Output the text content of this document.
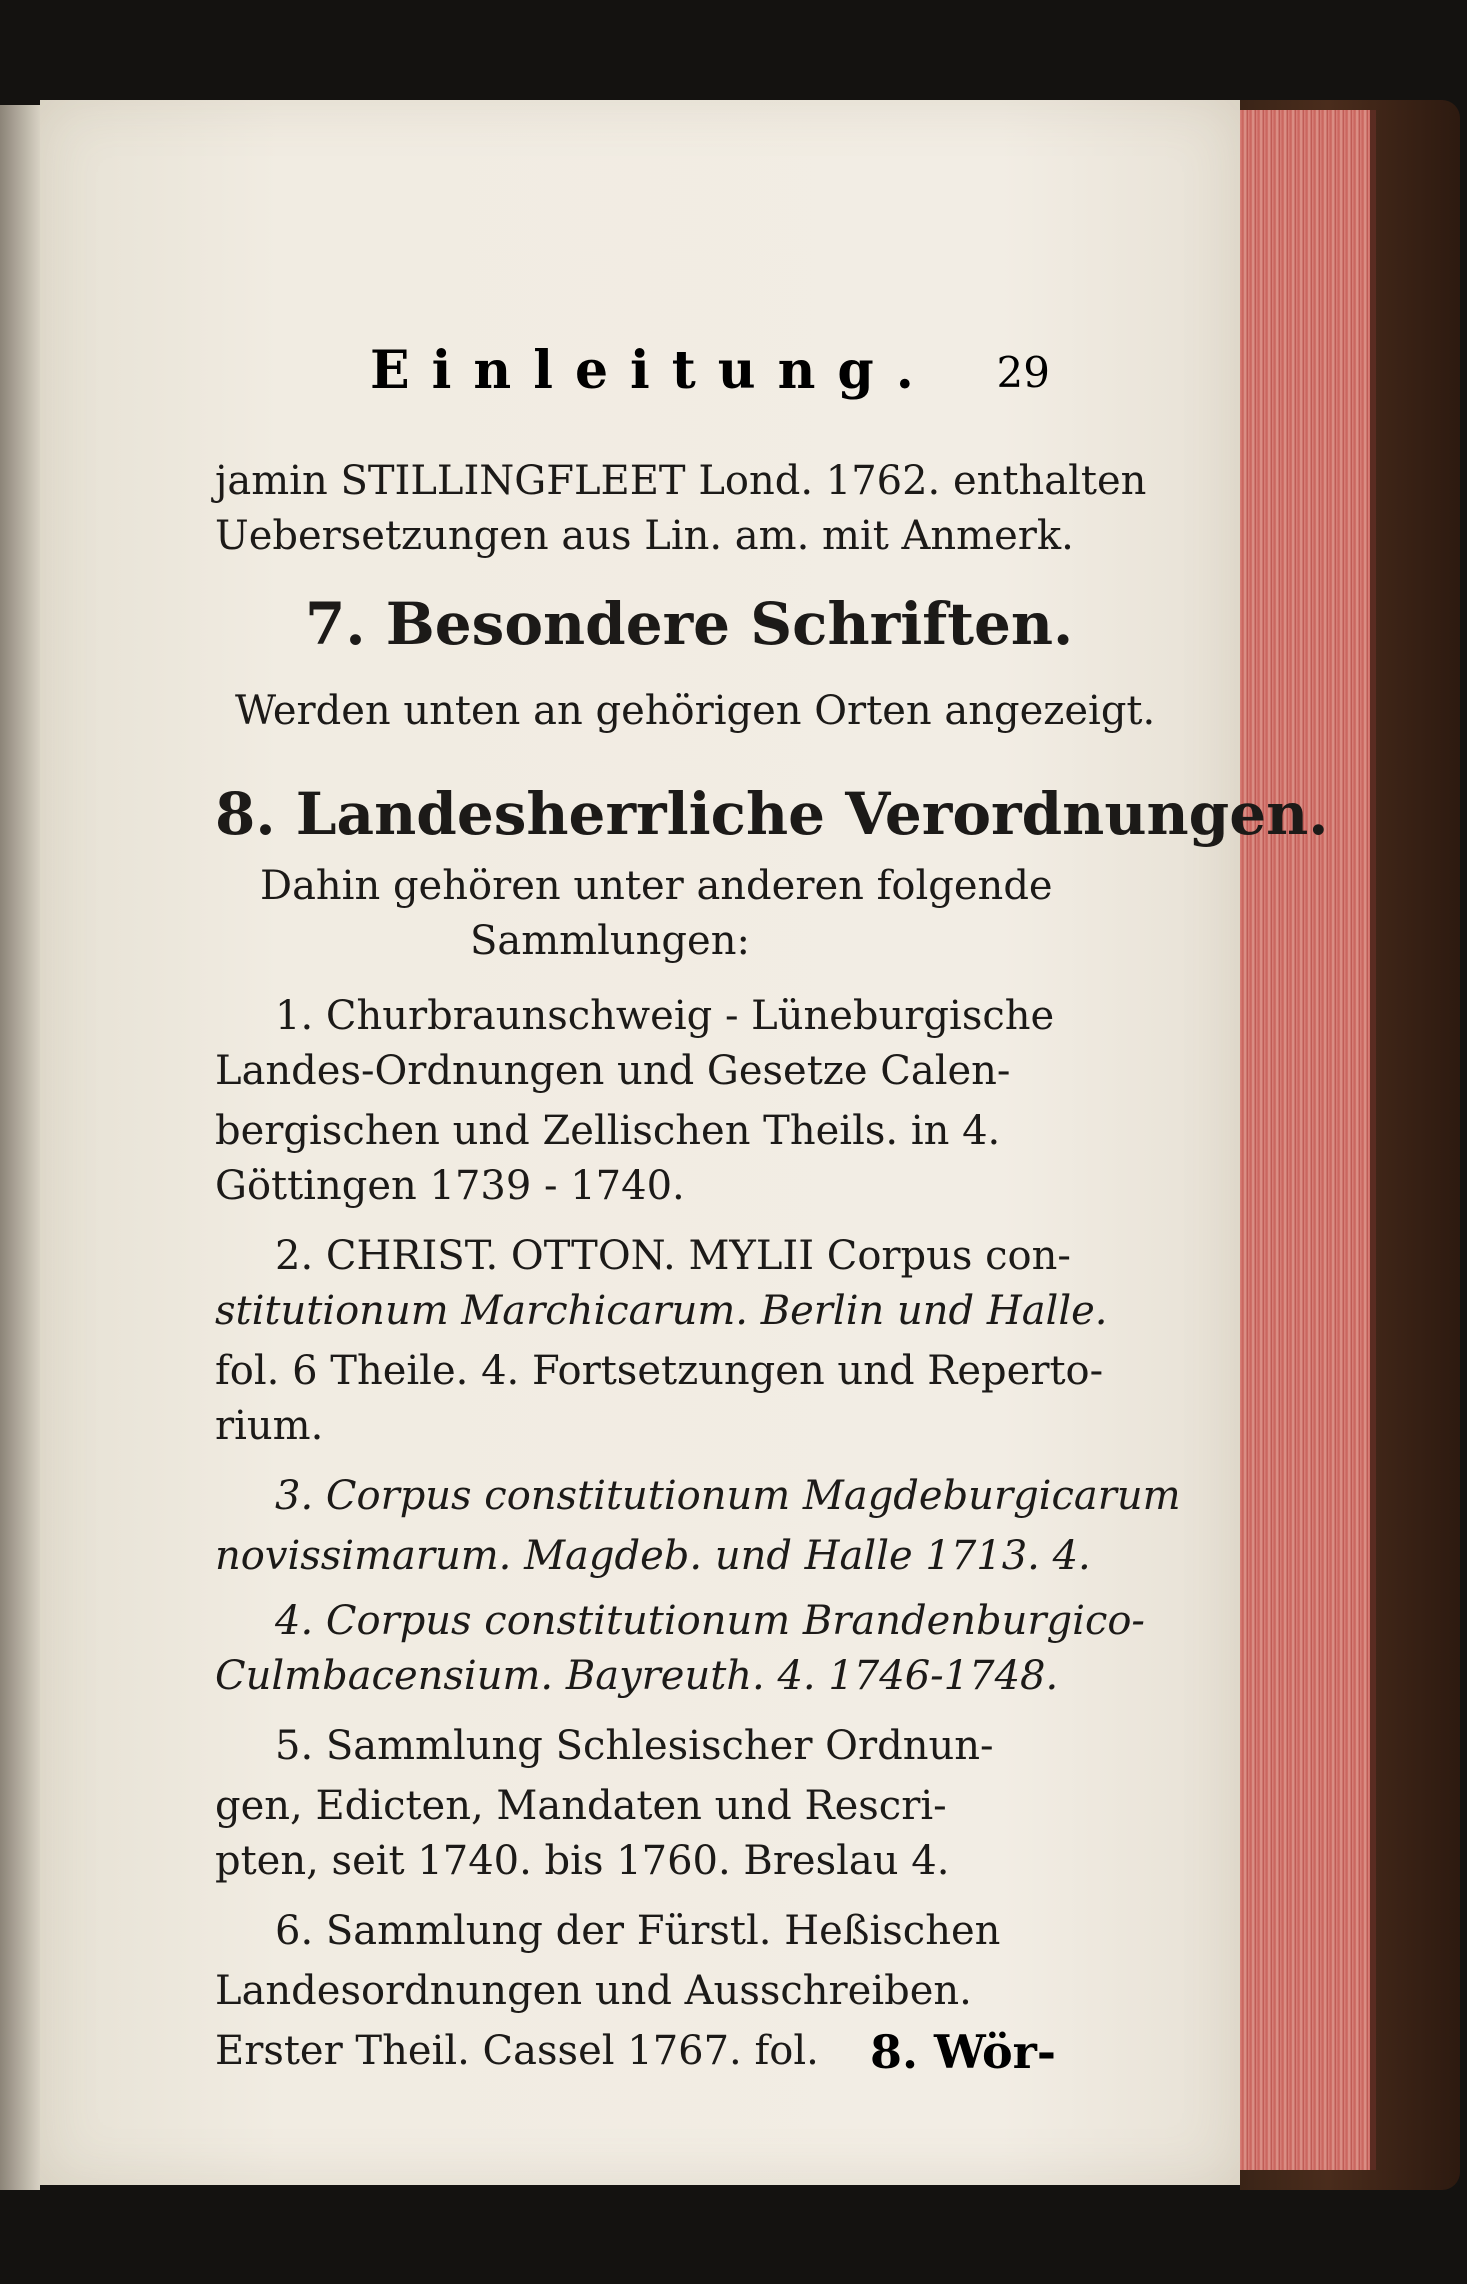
Einleitung. 29
jamin STILLINGFLEET Lond. 1762. enthalten
Uebersetzungen aus Lin. am. mit Anmerk.
7. Besondere Schriften.
Werden unten an gehörigen Orten angezeigt.
8. Landesherrliche Verordnungen.
Dahin gehören unter anderen folgende
Sammlungen:
1. Churbraunschweig - Lüneburgische
Landes-Ordnungen und Gesetze Calen-
bergischen und Zellischen Theils. in 4.
Göttingen 1739 - 1740.
2. CHRIST. OTTON. MYLII Corpus con-
stitutionum Marchicarum. Berlin und Halle.
fol. 6 Theile. 4. Fortsetzungen und Reperto-
rium.
3. Corpus constitutionum Magdeburgicarum
novissimarum. Magdeb. und Halle 1713. 4.
4. Corpus constitutionum Brandenburgico-
Culmbacensium. Bayreuth. 4. 1746-1748.
5. Sammlung Schlesischer Ordnun-
gen, Edicten, Mandaten und Rescri-
pten, seit 1740. bis 1760. Breslau 4.
6. Sammlung der Fürstl. Heßischen
Landesordnungen und Ausschreiben.
Erster Theil. Cassel 1767. fol. 8. Wör-
